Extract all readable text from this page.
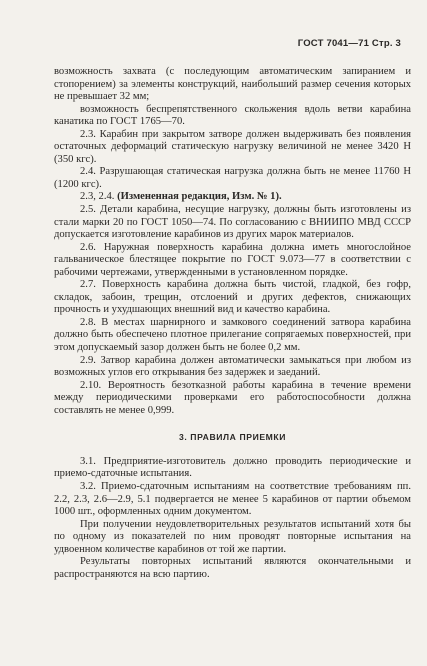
ГОСТ 7041—71 Стр. 3

возможность захвата (с последующим автоматическим запиранием и стопорением) за элементы конструкций, наибольший размер сечения которых не превышает 32 мм;

возможность беспрепятственного скольжения вдоль ветви карабина канатика по ГОСТ 1765—70.

2.3. Карабин при закрытом затворе должен выдерживать без появления остаточных деформаций статическую нагрузку величиной не менее 3420 Н (350 кгс).

2.4. Разрушающая статическая нагрузка должна быть не менее 11760 Н (1200 кгс).

2.3, 2.4. (Измененная редакция, Изм. № 1).

2.5. Детали карабина, несущие нагрузку, должны быть изготовлены из стали марки 20 по ГОСТ 1050—74. По согласованию с ВНИИПО МВД СССР допускается изготовление карабинов из других марок материалов.

2.6. Наружная поверхность карабина должна иметь многослойное гальваническое блестящее покрытие по ГОСТ 9.073—77 в соответствии с рабочими чертежами, утвержденными в установленном порядке.

2.7. Поверхность карабина должна быть чистой, гладкой, без гофр, складок, забоин, трещин, отслоений и других дефектов, снижающих прочность и ухудшающих внешний вид и качество карабина.

2.8. В местах шарнирного и замкового соединений затвора карабина должно быть обеспечено плотное прилегание сопрягаемых поверхностей, при этом допускаемый зазор должен быть не более 0,2 мм.

2.9. Затвор карабина должен автоматически замыкаться при любом из возможных углов его открывания без задержек и заеданий.

2.10. Вероятность безотказной работы карабина в течение времени между периодическими проверками его работоспособности должна составлять не менее 0,999.

3. ПРАВИЛА ПРИЕМКИ

3.1. Предприятие-изготовитель должно проводить периодические и приемо-сдаточные испытания.

3.2. Приемо-сдаточным испытаниям на соответствие требованиям пп. 2.2, 2.3, 2.6—2.9, 5.1 подвергается не менее 5 карабинов от партии объемом 1000 шт., оформленных одним документом.

При получении неудовлетворительных результатов испытаний хотя бы по одному из показателей по ним проводят повторные испытания на удвоенном количестве карабинов от той же партии.

Результаты повторных испытаний являются окончательными и распространяются на всю партию.
